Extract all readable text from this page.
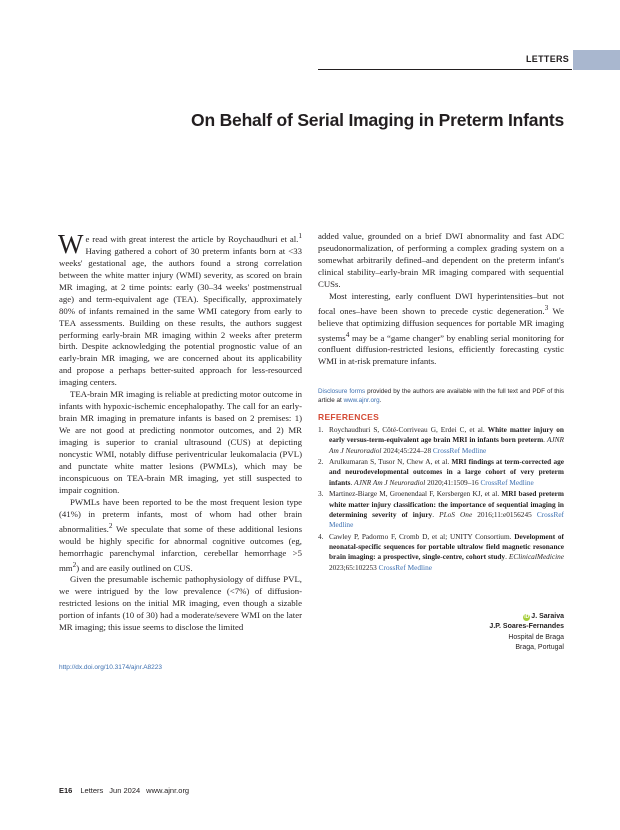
LETTERS
On Behalf of Serial Imaging in Preterm Infants

We read with great interest the article by Roychaudhuri et al.$^1$ Having gathered a cohort of 30 preterm infants born at <33 weeks' gestational age, the authors found a strong correlation between the white matter injury (WMI) severity, as scored on brain MR imaging, at 2 time points: early (30–34 weeks' postmenstrual age) and term-equivalent age (TEA). Specifically, approximately 80% of infants remained in the same WMI category from early to TEA assessments. Building on these results, the authors suggest performing early-brain MR imaging within 2 weeks after preterm birth. Despite acknowledging the potential prognostic value of an early-brain MR imaging, we are concerned about its applicability and propose a perhaps better-suited approach for less-resourced imaging centers.

TEA-brain MR imaging is reliable at predicting motor outcome in infants with hypoxic-ischemic encephalopathy. The call for an early-brain MR imaging in premature infants is based on 2 premises: 1) We are not good at predicting nonmotor outcomes, and 2) MR imaging is superior to cranial ultrasound (CUS) at depicting noncystic WMI, notably diffuse periventricular leukomalacia (PVL) and punctate white matter lesions (PWMLs), which may be inconspicuous on TEA-brain MR imaging, yet still suspected to impair cognition.

PWMLs have been reported to be the most frequent lesion type (41%) in preterm infants, most of whom had other brain abnormalities.$^2$ We speculate that some of these additional lesions would be highly specific for abnormal cognitive outcomes (eg, hemorrhagic parenchymal infarction, cerebellar hemorrhage >5 $mm^2$) and are easily outlined on CUS.

Given the presumable ischemic pathophysiology of diffuse PVL, we were intrigued by the low prevalence (<7%) of diffusion-restricted lesions on the initial MR imaging, even though a sizable portion of infants (10 of 30) had a moderate/severe WMI on the later MR imaging; this issue seems to disclose the limited

added value, grounded on a brief DWI abnormality and fast ADC pseudonormalization, of performing a complex grading system on a somewhat arbitrarily defined–and dependent on the preterm infant's clinical stability–early-brain MR imaging compared with sequential CUSs.

Most interesting, early confluent DWI hyperintensities–but not focal ones–have been shown to precede cystic degeneration.$^3$ We believe that optimizing diffusion sequences for portable MR imaging systems$^4$ may be a “game changer” by enabling serial monitoring for confluent diffusion-restricted lesions, efficiently forecasting cystic WMI in at-risk premature infants.

Disclosure forms provided by the authors are available with the full text and PDF of this article at www.ajnr.org.
REFERENCES
1. Roychaudhuri S, Côté-Corriveau G, Erdei C, et al. White matter injury on early versus-term-equivalent age brain MRI in infants born preterm. AJNR Am J Neuroradiol 2024;45:224–28 CrossRef Medline
2. Arulkumaran S, Tusor N, Chew A, et al. MRI findings at term-corrected age and neurodevelopmental outcomes in a large cohort of very preterm infants. AJNR Am J Neuroradiol 2020;41:1509–16 CrossRef Medline
3. Martinez-Biarge M, Groenendaal F, Kersbergen KJ, et al. MRI based preterm white matter injury classification: the importance of sequential imaging in determining severity of injury. PLoS One 2016;11:e0156245 CrossRef Medline
4. Cawley P, Padormo F, Cromb D, et al; UNITY Consortium. Development of neonatal-specific sequences for portable ultralow field magnetic resonance brain imaging: a prospective, single-centre, cohort study. EClinicalMedicine 2023;65:102253 CrossRef Medline
iD J. Saraiva
J.P. Soares-Fernandes
Hospital de Braga
Braga, Portugal
http://dx.doi.org/10.3174/ajnr.A8223
E16 Letters Jun 2024 www.ajnr.org
